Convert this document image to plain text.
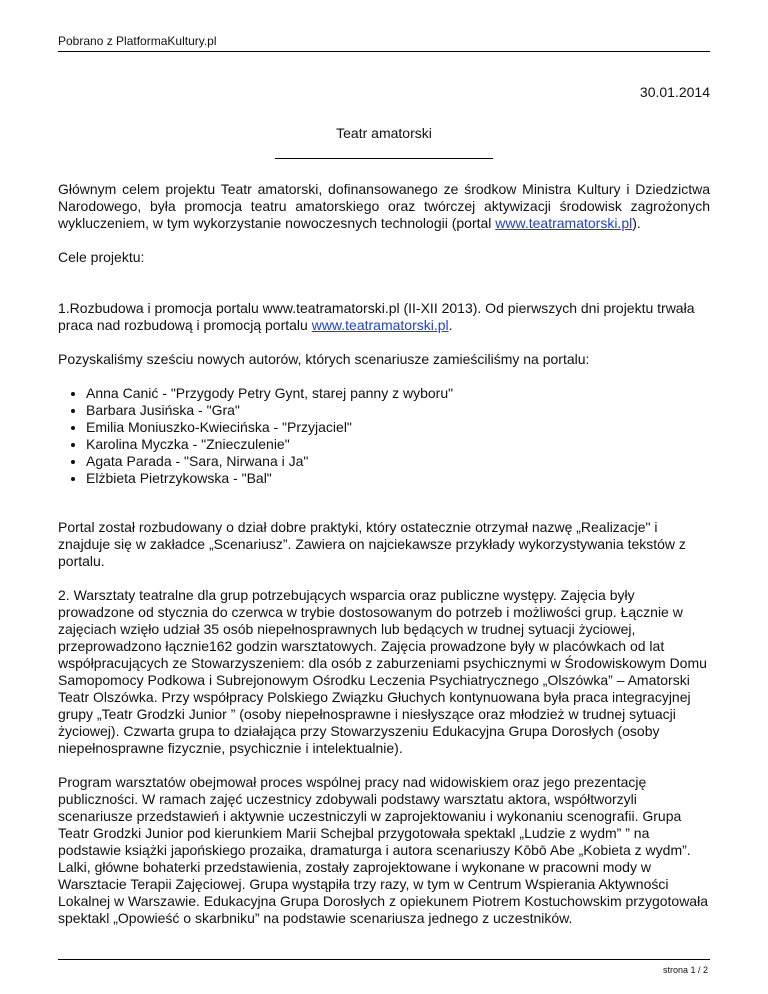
Pobrano z PlatformaKultury.pl
30.01.2014
Teatr amatorski

Głównym celem projektu Teatr amatorski, dofinansowanego ze środkow Ministra Kultury i Dziedzictwa Narodowego, była promocja teatru amatorskiego oraz twórczej aktywizacji środowisk zagrożonych wykluczeniem, w tym wykorzystanie nowoczesnych technologii (portal www.teatramatorski.pl).

Cele projektu:

1.Rozbudowa i promocja portalu www.teatramatorski.pl (II-XII 2013). Od pierwszych dni projektu trwała praca nad rozbudową i promocją portalu www.teatramatorski.pl.

Pozyskaliśmy sześciu nowych autorów, których scenariusze zamieściliśmy na portalu:

• Anna Canić - "Przygody Petry Gynt, starej panny z wyboru"
• Barbara Jusińska - "Gra"
• Emilia Moniuszko-Kwiecińska - "Przyjaciel"
• Karolina Myczka - "Znieczulenie"
• Agata Parada - "Sara, Nirwana i Ja"
• Elżbieta Pietrzykowska - "Bal"

Portal został rozbudowany o dział dobre praktyki, który ostatecznie otrzymał nazwę „Realizacje" i znajduje się w zakładce „Scenariusz”. Zawiera on najciekawsze przykłady wykorzystywania tekstów z portalu.

2. Warsztaty teatralne dla grup potrzebujących wsparcia oraz publiczne występy. Zajęcia były prowadzone od stycznia do czerwca w trybie dostosowanym do potrzeb i możliwości grup. Łącznie w zajęciach wzięło udział 35 osób niepełnosprawnych lub będących w trudnej sytuacji życiowej, przeprowadzono łącznie162 godzin warsztatowych. Zajęcia prowadzone były w placówkach od lat współpracujących ze Stowarzyszeniem: dla osób z zaburzeniami psychicznymi w Środowiskowym Domu Samopomocy Podkowa i Subrejonowym Ośrodku Leczenia Psychiatrycznego „Olszówka” – Amatorski Teatr Olszówka. Przy współpracy Polskiego Związku Głuchych kontynuowana była praca integracyjnej grupy „Teatr Grodzki Junior ” (osoby niepełnosprawne i niesłyszące oraz młodzież w trudnej sytuacji życiowej). Czwarta grupa to działająca przy Stowarzyszeniu Edukacyjna Grupa Dorosłych (osoby niepełnosprawne fizycznie, psychicznie i intelektualnie).

Program warsztatów obejmował proces wspólnej pracy nad widowiskiem oraz jego prezentację publiczności. W ramach zajęć uczestnicy zdobywali podstawy warsztatu aktora, współtworzyli scenariusze przedstawień i aktywnie uczestniczyli w zaprojektowaniu i wykonaniu scenografii. Grupa Teatr Grodzki Junior pod kierunkiem Marii Schejbal przygotowała spektakl „Ludzie z wydm” ” na podstawie książki japońskiego prozaika, dramaturga i autora scenariuszy Kōbō Abe „Kobieta z wydm”. Lalki, główne bohaterki przedstawienia, zostały zaprojektowane i wykonane w pracowni mody w Warsztacie Terapii Zajęciowej. Grupa wystąpiła trzy razy, w tym w Centrum Wspierania Aktywności Lokalnej w Warszawie. Edukacyjna Grupa Dorosłych z opiekunem Piotrem Kostuchowskim przygotowała spektakl „Opowieść o skarbniku” na podstawie scenariusza jednego z uczestników.

strona 1 / 2
